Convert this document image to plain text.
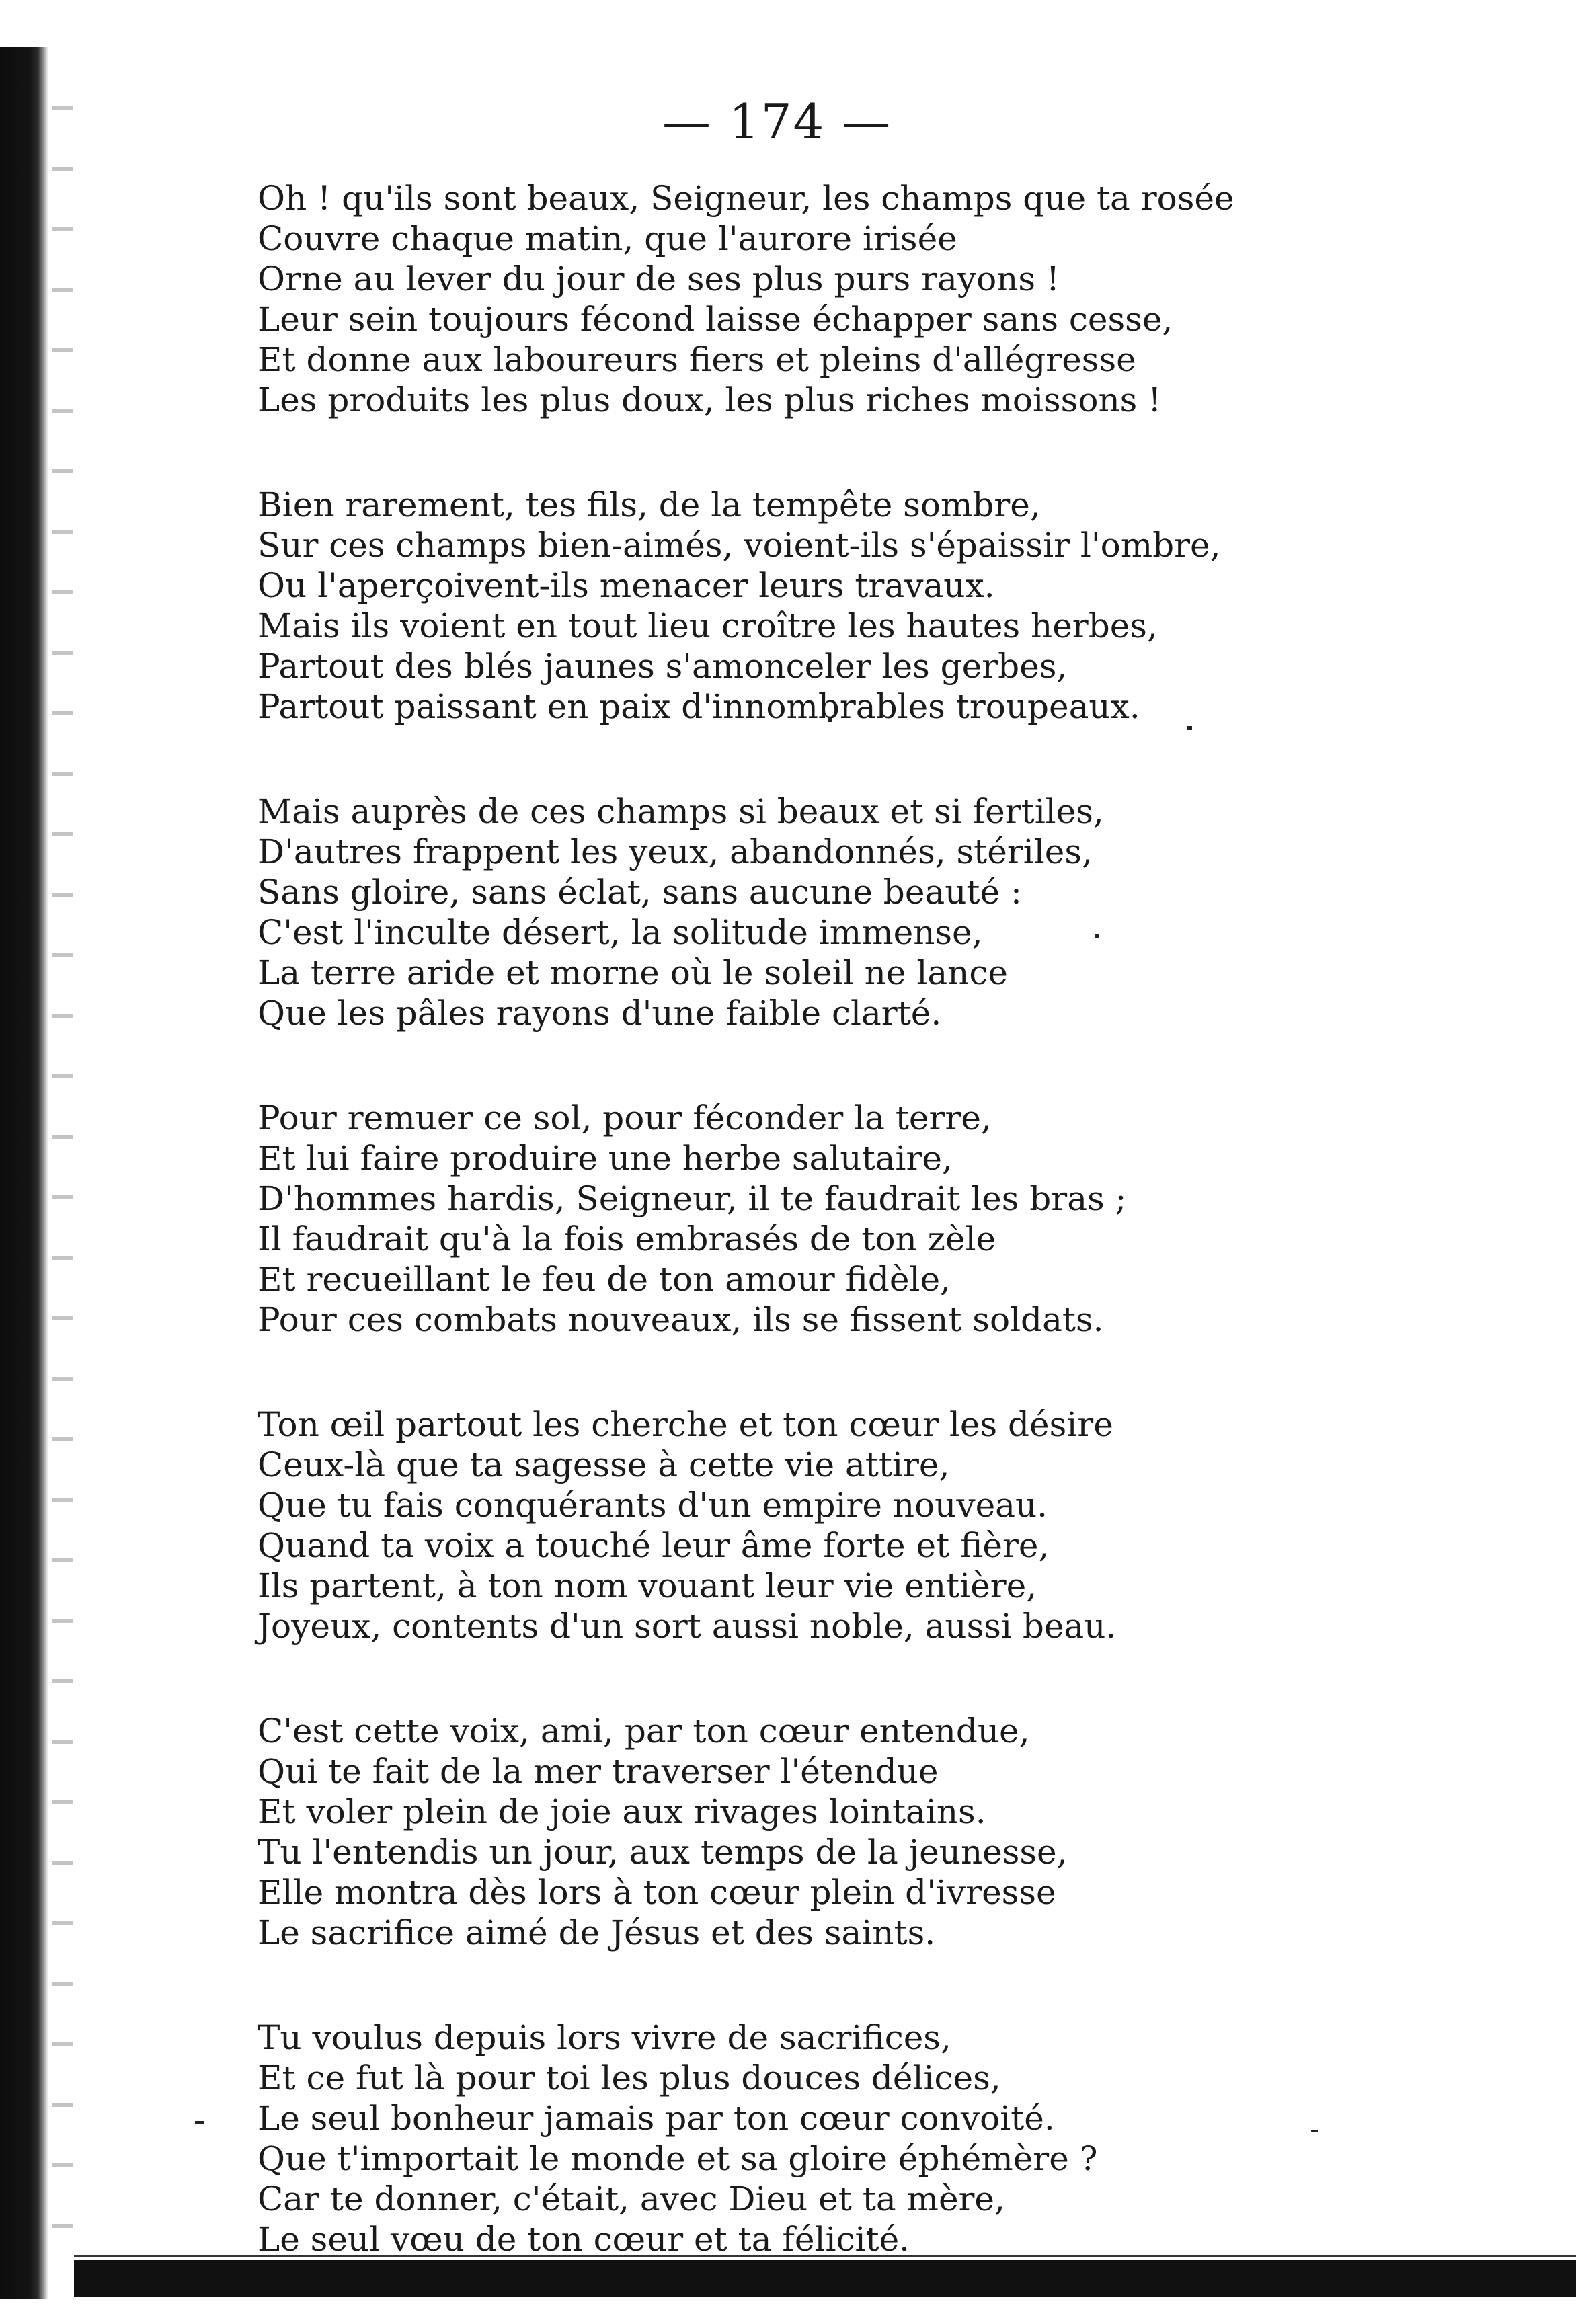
— 174 —
Oh ! qu'ils sont beaux, Seigneur, les champs que ta rosée
Couvre chaque matin, que l'aurore irisée
Orne au lever du jour de ses plus purs rayons !
Leur sein toujours fécond laisse échapper sans cesse,
Et donne aux laboureurs fiers et pleins d'allégresse
Les produits les plus doux, les plus riches moissons !
Bien rarement, tes fils, de la tempête sombre,
Sur ces champs bien-aimés, voient-ils s'épaissir l'ombre,
Ou l'aperçoivent-ils menacer leurs travaux.
Mais ils voient en tout lieu croître les hautes herbes,
Partout des blés jaunes s'amonceler les gerbes,
Partout paissant en paix d'innombrables troupeaux.
Mais auprès de ces champs si beaux et si fertiles,
D'autres frappent les yeux, abandonnés, stériles,
Sans gloire, sans éclat, sans aucune beauté :
C'est l'inculte désert, la solitude immense,
La terre aride et morne où le soleil ne lance
Que les pâles rayons d'une faible clarté.
Pour remuer ce sol, pour féconder la terre,
Et lui faire produire une herbe salutaire,
D'hommes hardis, Seigneur, il te faudrait les bras ;
Il faudrait qu'à la fois embrasés de ton zèle
Et recueillant le feu de ton amour fidèle,
Pour ces combats nouveaux, ils se fissent soldats.
Ton œil partout les cherche et ton cœur les désire
Ceux-là que ta sagesse à cette vie attire,
Que tu fais conquérants d'un empire nouveau.
Quand ta voix a touché leur âme forte et fière,
Ils partent, à ton nom vouant leur vie entière,
Joyeux, contents d'un sort aussi noble, aussi beau.
C'est cette voix, ami, par ton cœur entendue,
Qui te fait de la mer traverser l'étendue
Et voler plein de joie aux rivages lointains.
Tu l'entendis un jour, aux temps de la jeunesse,
Elle montra dès lors à ton cœur plein d'ivresse
Le sacrifice aimé de Jésus et des saints.
Tu voulus depuis lors vivre de sacrifices,
Et ce fut là pour toi les plus douces délices,
Le seul bonheur jamais par ton cœur convoité.
Que t'importait le monde et sa gloire éphémère ?
Car te donner, c'était, avec Dieu et ta mère,
Le seul vœu de ton cœur et ta félicité.
